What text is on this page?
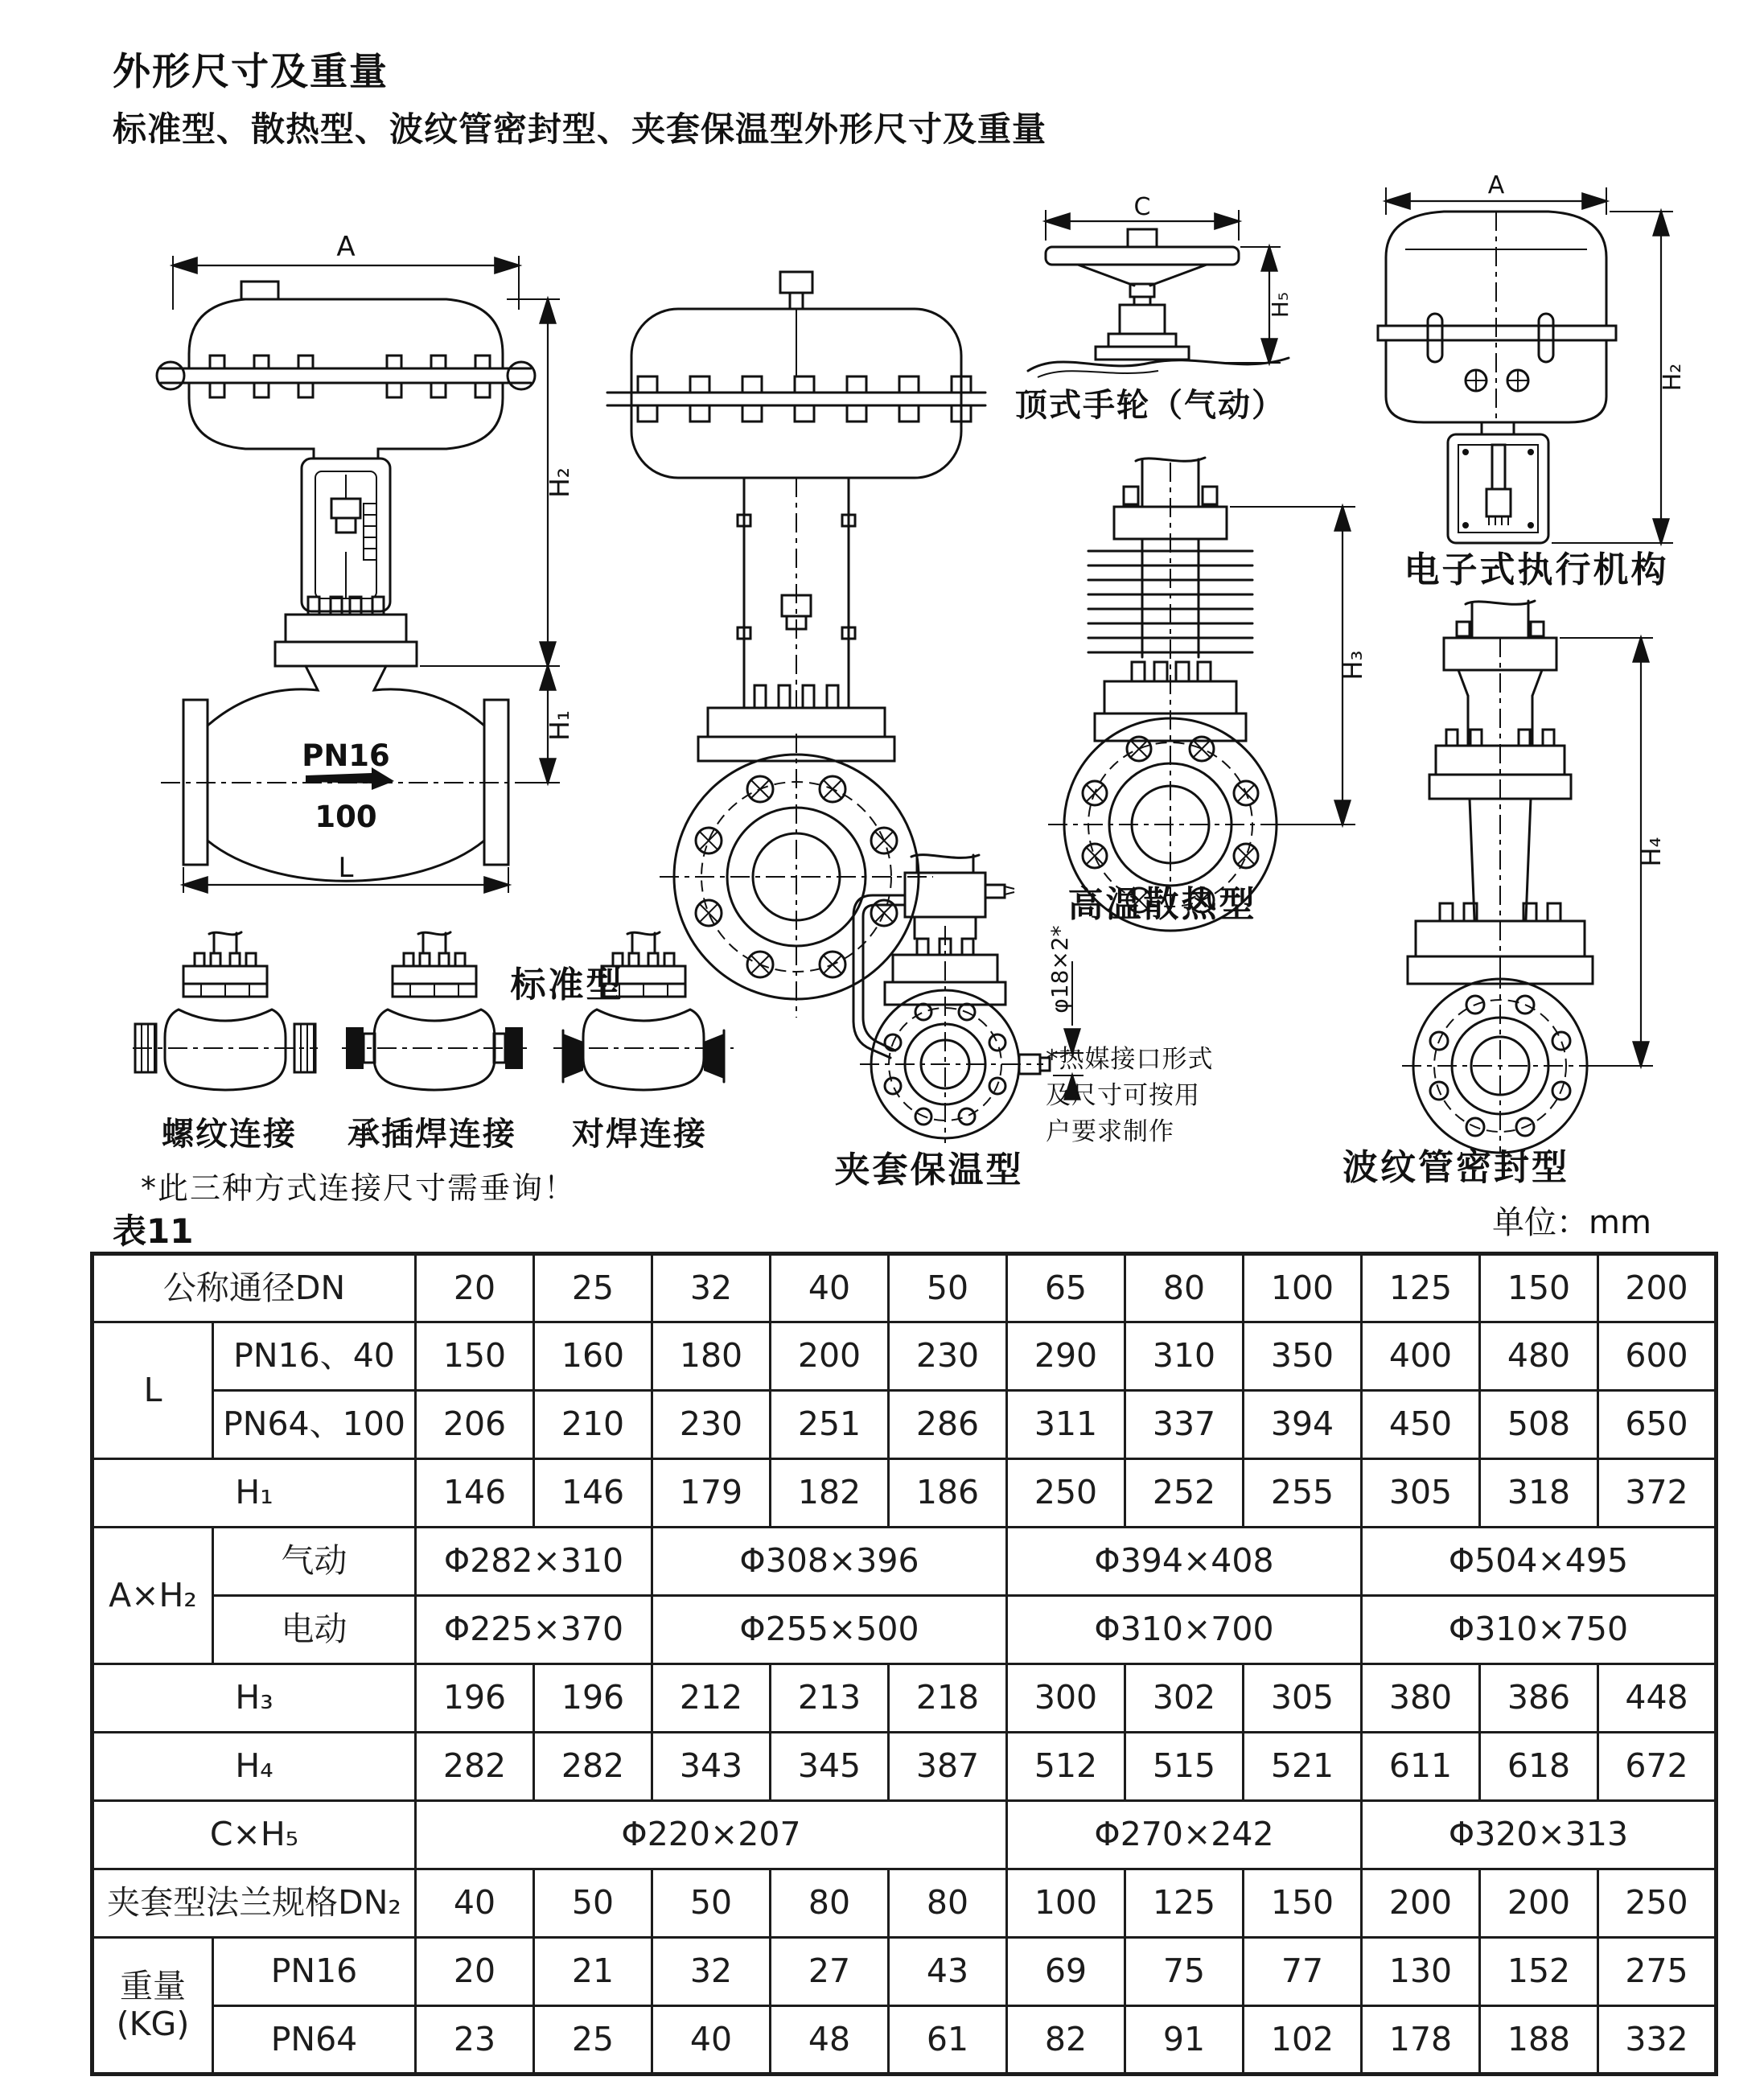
外形尺寸及重量
标准型、散热型、波纹管密封型、夹套保温型外形尺寸及重量
A
PN16
100
H₂
H₁
L
标准型
C
H₅
顶式手轮（气动）
A
H₂
电子式执行机构
H₃
高温散热型
φ18×2*
夹套保温型
*热媒接口形式
及尺寸可按用
户要求制作
H₄
波纹管密封型
螺纹连接	承插焊连接	对焊连接
*此三种方式连接尺寸需垂询！
表11	单位：mm
公称通径DN		20	25	32	40	50	65	80	100	125	150	200
L	PN16、40	150	160	180	200	230	290	310	350	400	480	600
	PN64、100	206	210	230	251	286	311	337	394	450	508	650
H₁		146	146	179	182	186	250	252	255	305	318	372
A×H₂	气动	Φ282×310		Φ308×396			Φ394×408			Φ504×495		
	电动	Φ225×370		Φ255×500			Φ310×700			Φ310×750		
H₃		196	196	212	213	218	300	302	305	380	386	448
H₄		282	282	343	345	387	512	515	521	611	618	672
C×H₅		Φ220×207					Φ270×242			Φ320×313		
夹套型法兰规格DN₂		40	50	50	80	80	100	125	150	200	200	250

重量
(KG)	PN16	20	21	32	27	43	69	75	77	130	152	275
	PN64	23	25	40	48	61	82	91	102	178	188	332
